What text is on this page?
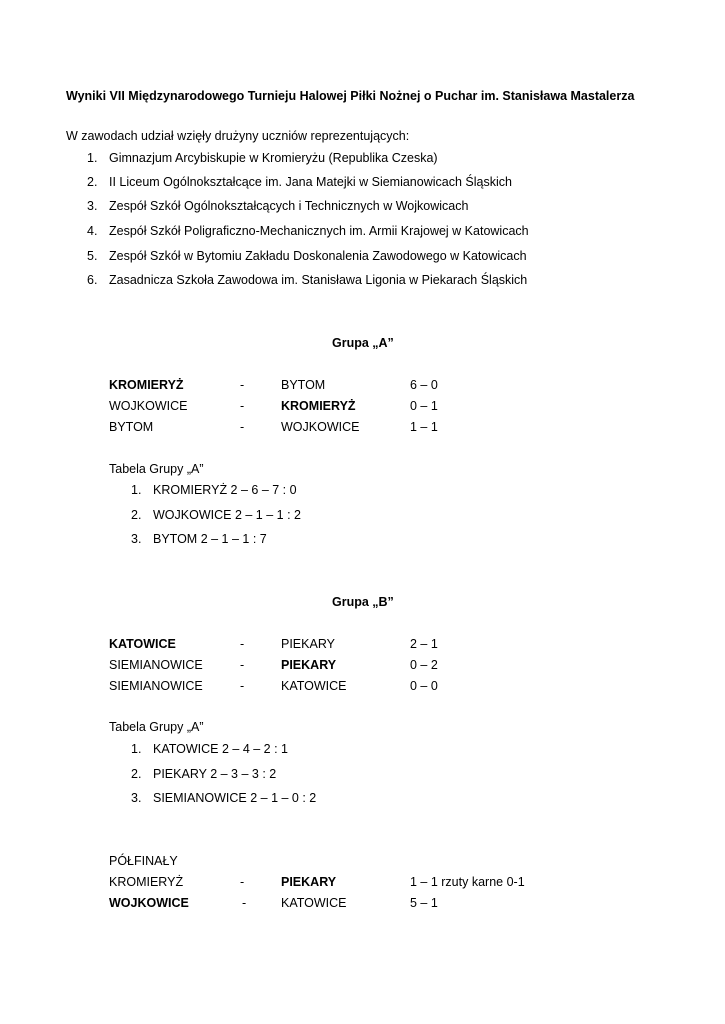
Wyniki VII Międzynarodowego Turnieju Halowej Piłki Nożnej o Puchar im. Stanisława Mastalerza
W zawodach udział wzięły drużyny uczniów reprezentujących:
1. Gimnazjum Arcybiskupie w Kromieryżu (Republika Czeska)
2. II Liceum Ogólnokształcące im. Jana Matejki w Siemianowicach Śląskich
3. Zespół Szkół Ogólnokształcących i Technicznych w Wojkowicach
4. Zespół Szkół Poligraficzno-Mechanicznych im. Armii Krajowej w Katowicach
5. Zespół Szkół w Bytomiu Zakładu Doskonalenia Zawodowego w Katowicach
6. Zasadnicza Szkoła Zawodowa im. Stanisława Ligonia w Piekarach Śląskich
Grupa „A”
KROMIERYŻ	-	BYTOM	6 – 0
WOJKOWICE	-	KROMIERYŻ	0 – 1
BYTOM	-	WOJKOWICE	1 – 1
Tabela Grupy „A”
1. KROMIERYŻ 2 – 6 – 7 : 0
2. WOJKOWICE 2 – 1 – 1 : 2
3. BYTOM 2 – 1 – 1 : 7
Grupa „B”
KATOWICE	-	PIEKARY	2 – 1
SIEMIANOWICE	-	PIEKARY	0 – 2
SIEMIANOWICE	-	KATOWICE	0 – 0
Tabela Grupy „A”
1. KATOWICE 2 – 4 – 2 : 1
2. PIEKARY 2 – 3 – 3 : 2
3. SIEMIANOWICE 2 – 1 – 0 : 2
PÓŁFINAŁY
KROMIERYŻ	-	PIEKARY	1 – 1 rzuty karne 0-1
WOJKOWICE	-	KATOWICE	5 – 1
